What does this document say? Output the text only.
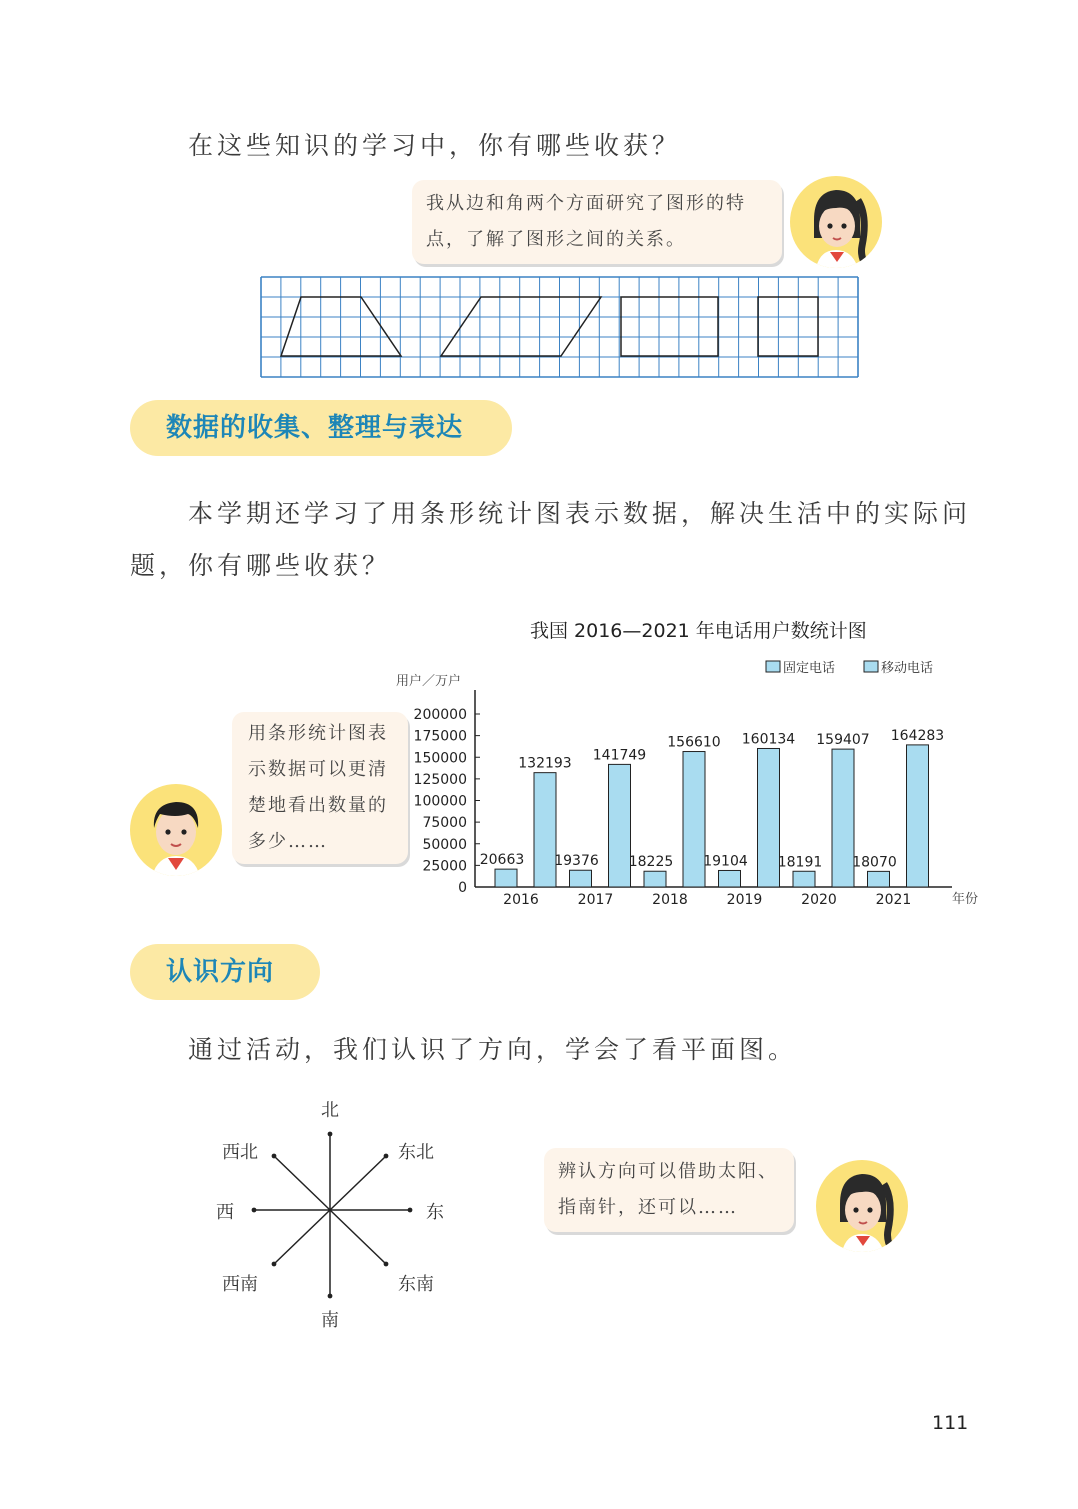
在这些知识的学习中，你有哪些收获？
我从边和角两个方面研究了图形的特
点，了解了图形之间的关系。
数据的收集、整理与表达
本学期还学习了用条形统计图表示数据，解决生活中的实际问
题，你有哪些收获？
我国 2016—2021 年电话用户数统计图
0
25000
50000
75000
100000
125000
150000
175000
200000
用户／万户
年份
固定电话	移动电话
20663
132193
2016
19376
141749
2017
18225
156610
2018
19104
160134
2019
18191
159407
2020
18070
164283
2021
用条形统计图表
示数据可以更清
楚地看出数量的
多少……
认识方向
通过活动，我们认识了方向，学会了看平面图。
北
东北
东
东南
南
西南
西
西北
辨认方向可以借助太阳、
指南针，还可以……
111
